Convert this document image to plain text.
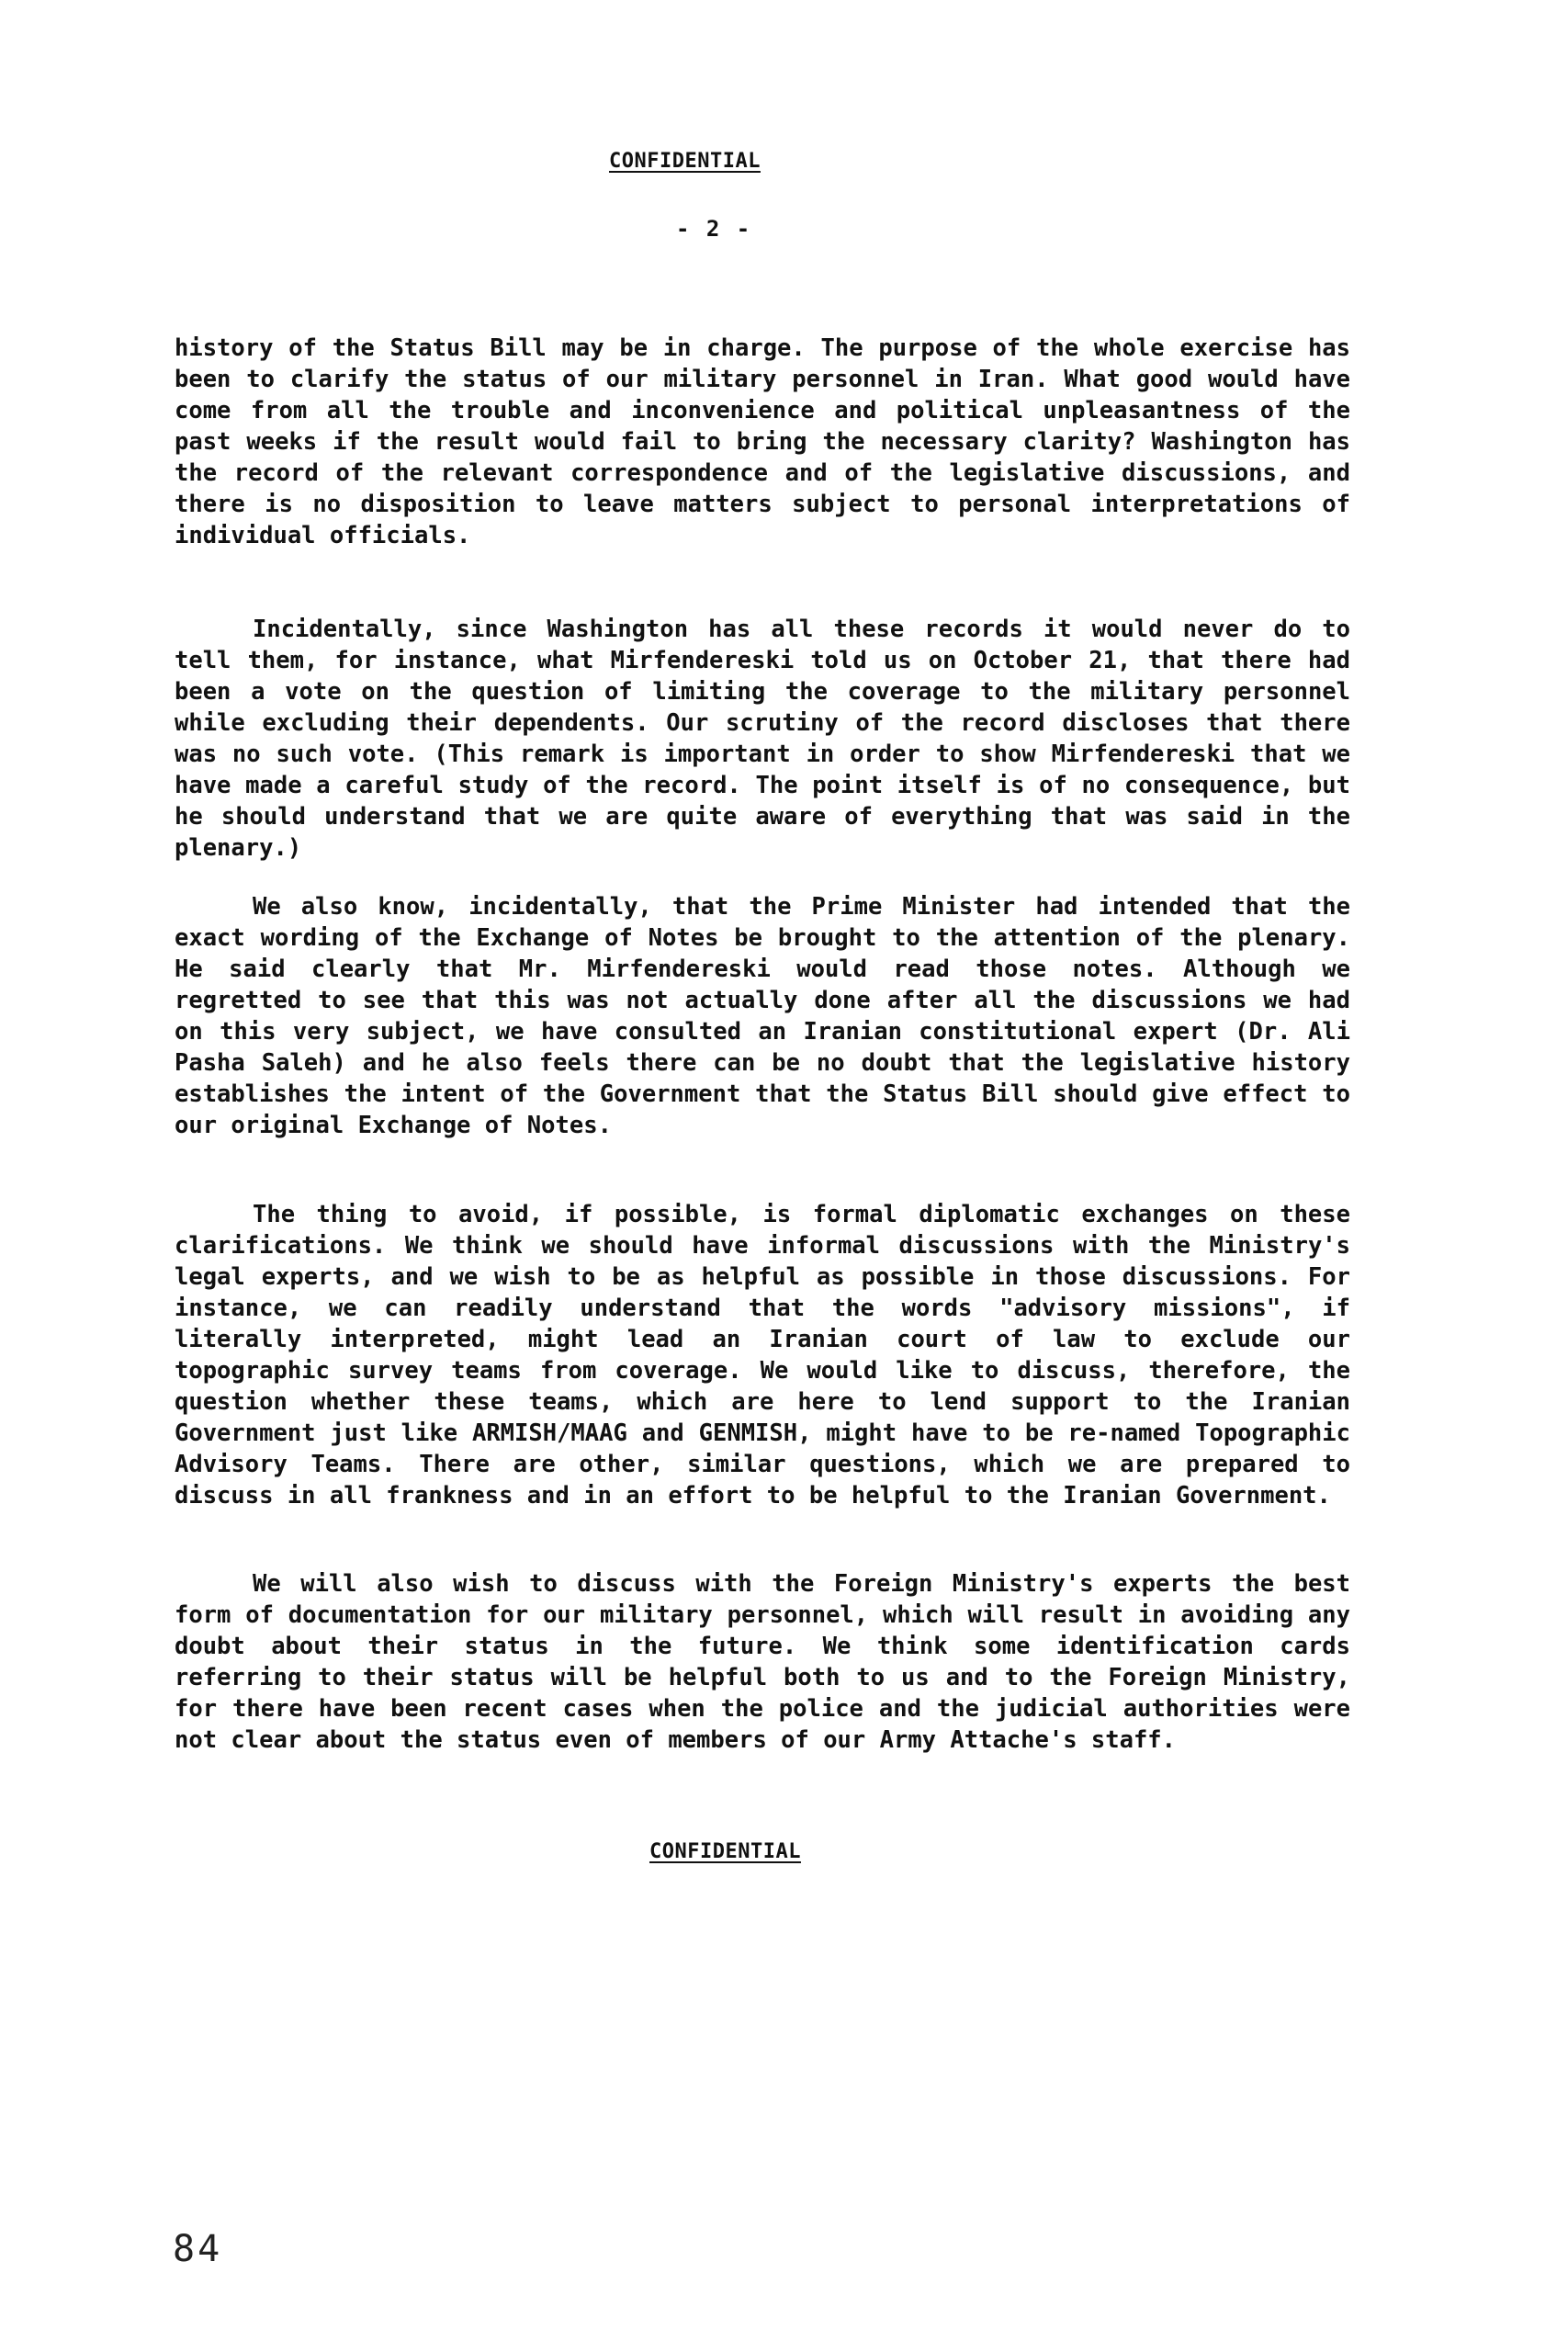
CONFIDENTIAL
- 2 -

history of the Status Bill may be in charge. The purpose of the whole exercise has been to clarify the status of our military personnel in Iran. What good would have come from all the trouble and inconvenience and political unpleasantness of the past weeks if the result would fail to bring the necessary clarity? Washington has the record of the relevant correspondence and of the legislative discussions, and there is no disposition to leave matters subject to personal interpretations of individual officials.

Incidentally, since Washington has all these records it would never do to tell them, for instance, what Mirfendereski told us on October 21, that there had been a vote on the question of limiting the coverage to the military personnel while excluding their dependents. Our scrutiny of the record discloses that there was no such vote. (This remark is important in order to show Mirfendereski that we have made a careful study of the record. The point itself is of no consequence, but he should understand that we are quite aware of everything that was said in the plenary.)

We also know, incidentally, that the Prime Minister had intended that the exact wording of the Exchange of Notes be brought to the attention of the plenary. He said clearly that Mr. Mirfendereski would read those notes. Although we regretted to see that this was not actually done after all the discussions we had on this very subject, we have consulted an Iranian constitutional expert (Dr. Ali Pasha Saleh) and he also feels there can be no doubt that the legislative history establishes the intent of the Government that the Status Bill should give effect to our original Exchange of Notes.

The thing to avoid, if possible, is formal diplomatic exchanges on these clarifications. We think we should have informal discussions with the Ministry's legal experts, and we wish to be as helpful as possible in those discussions. For instance, we can readily understand that the words "advisory missions", if literally interpreted, might lead an Iranian court of law to exclude our topographic survey teams from coverage. We would like to discuss, therefore, the question whether these teams, which are here to lend support to the Iranian Government just like ARMISH/MAAG and GENMISH, might have to be re-named Topographic Advisory Teams. There are other, similar questions, which we are prepared to discuss in all frankness and in an effort to be helpful to the Iranian Government.

We will also wish to discuss with the Foreign Ministry's experts the best form of documentation for our military personnel, which will result in avoiding any doubt about their status in the future. We think some identification cards referring to their status will be helpful both to us and to the Foreign Ministry, for there have been recent cases when the police and the judicial authorities were not clear about the status even of members of our Army Attache's staff.

CONFIDENTIAL
84
